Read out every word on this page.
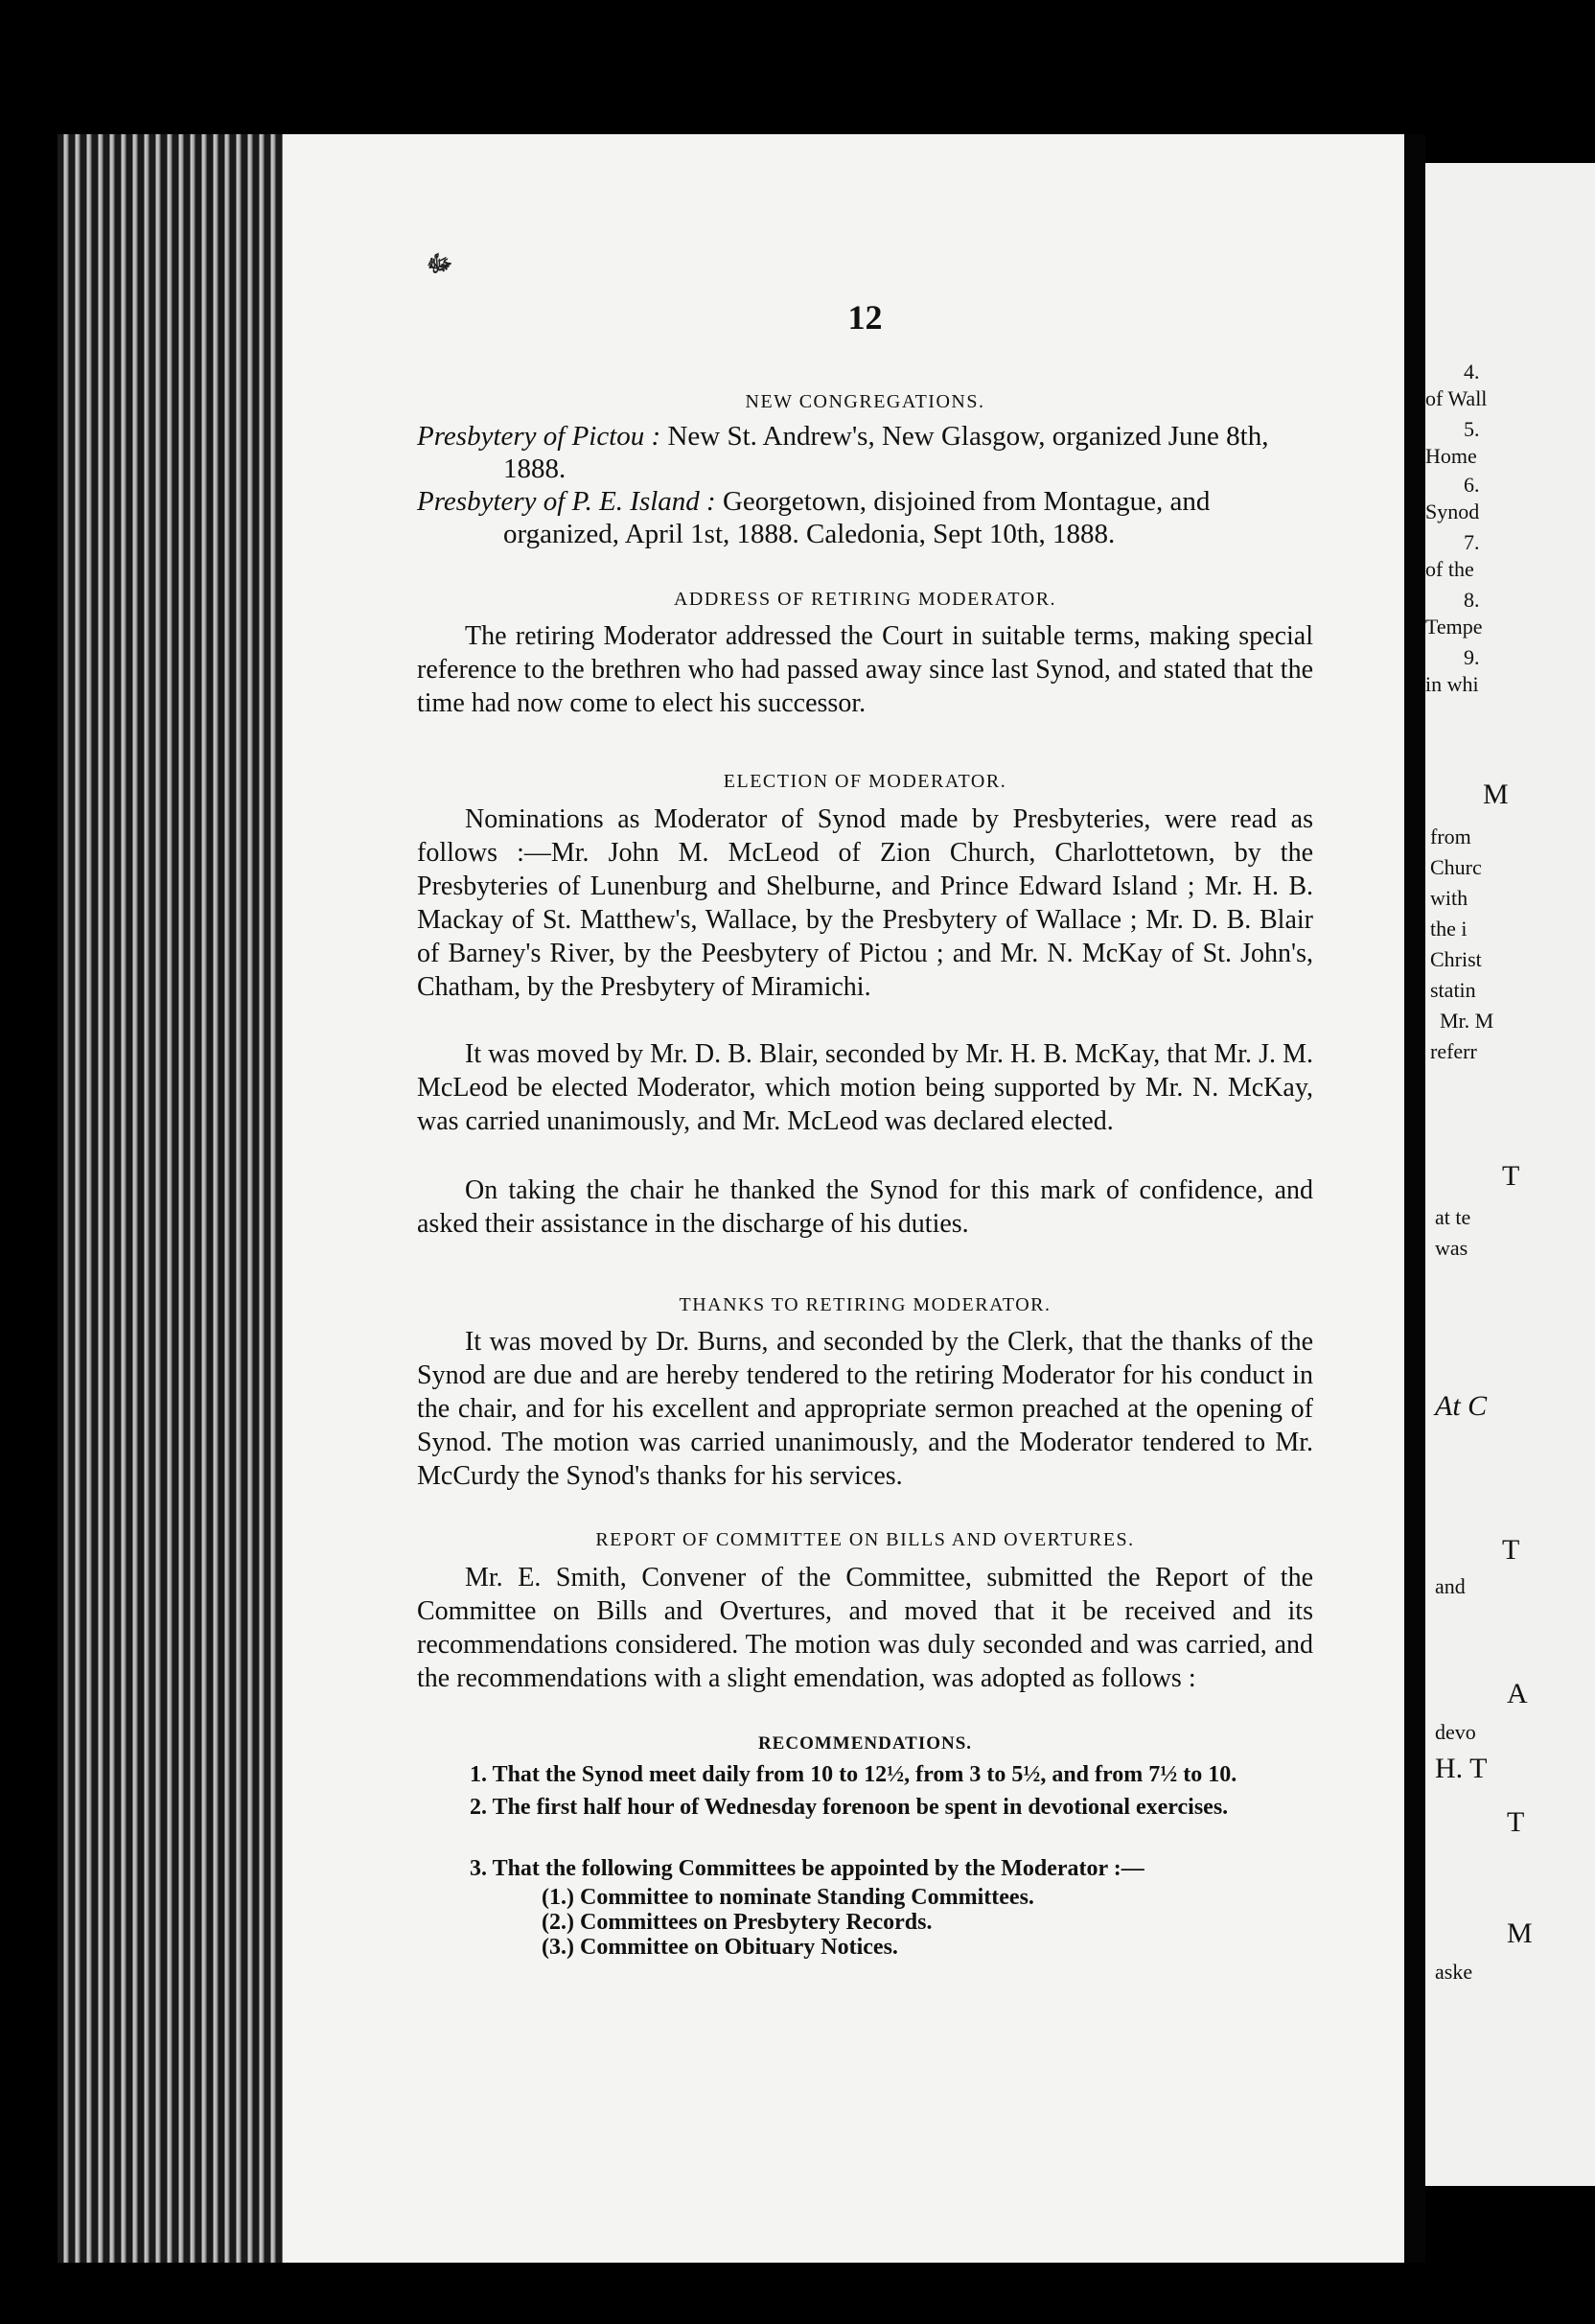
ﷻ
12
NEW CONGREGATIONS.

Presbytery of Pictou : New St. Andrew's, New Glasgow, organized June 8th, 1888.

Presbytery of P. E. Island : Georgetown, disjoined from Montague, and organized, April 1st, 1888. Caledonia, Sept 10th, 1888.

ADDRESS OF RETIRING MODERATOR.

The retiring Moderator addressed the Court in suitable terms, making special reference to the brethren who had passed away since last Synod, and stated that the time had now come to elect his successor.

ELECTION OF MODERATOR.

Nominations as Moderator of Synod made by Presbyteries, were read as follows :—Mr. John M. McLeod of Zion Church, Charlottetown, by the Presbyteries of Lunenburg and Shelburne, and Prince Edward Island ; Mr. H. B. Mackay of St. Matthew's, Wallace, by the Presbytery of Wallace ; Mr. D. B. Blair of Barney's River, by the Peesbytery of Pictou ; and Mr. N. McKay of St. John's, Chatham, by the Presbytery of Miramichi.

It was moved by Mr. D. B. Blair, seconded by Mr. H. B. McKay, that Mr. J. M. McLeod be elected Moderator, which motion being supported by Mr. N. McKay, was carried unanimously, and Mr. McLeod was declared elected.

On taking the chair he thanked the Synod for this mark of confidence, and asked their assistance in the discharge of his duties.

THANKS TO RETIRING MODERATOR.

It was moved by Dr. Burns, and seconded by the Clerk, that the thanks of the Synod are due and are hereby tendered to the retiring Moderator for his conduct in the chair, and for his excellent and appropriate sermon preached at the opening of Synod. The motion was carried unanimously, and the Moderator tendered to Mr. McCurdy the Synod's thanks for his services.

REPORT OF COMMITTEE ON BILLS AND OVERTURES.

Mr. E. Smith, Convener of the Committee, submitted the Report of the Committee on Bills and Overtures, and moved that it be received and its recommendations considered. The motion was duly seconded and was carried, and the recommendations with a slight emendation, was adopted as follows :

RECOMMENDATIONS.

1. That the Synod meet daily from 10 to 12½, from 3 to 5½, and from 7½ to 10.

2. The first half hour of Wednesday forenoon be spent in devotional exercises.

3. That the following Committees be appointed by the Moderator :—

(1.) Committee to nominate Standing Committees.
(2.) Committees on Presbytery Records.
(3.) Committee on Obituary Notices.
4.
of Wall
5.
Home
6.
Synod
7.
of the
8.
Tempe
9.
in whi
M
from
Churc
with
the i
Christ
statin
Mr. M
referr
T
at te
was
At C
T
and
A
devo
H. T
T
M
aske
